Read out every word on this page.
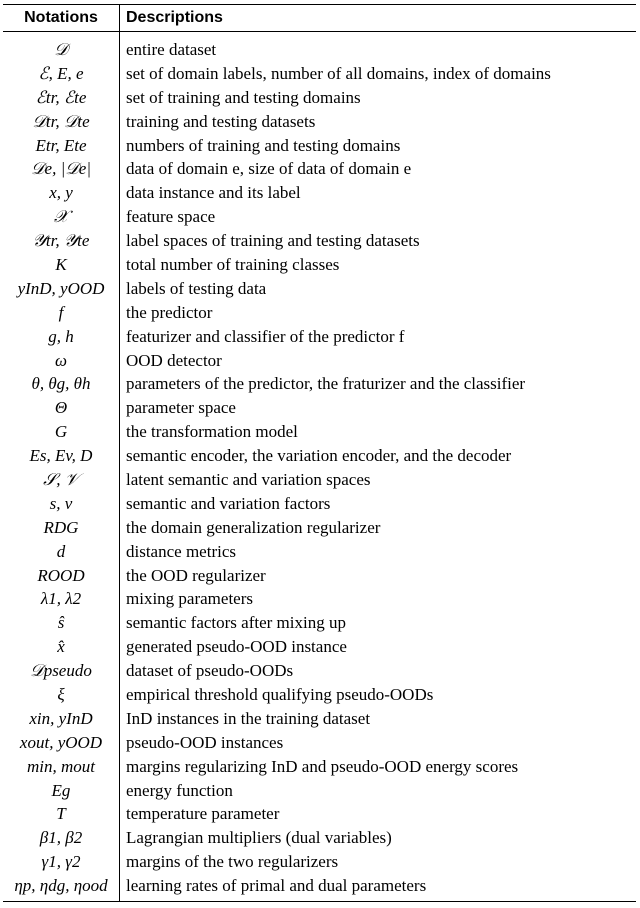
Notations	Descriptions
𝒟	entire dataset
ℰ, E, e	set of domain labels, number of all domains, index of domains
ℰtr, ℰte	set of training and testing domains
𝒟tr, 𝒟te	training and testing datasets
Etr, Ete	numbers of training and testing domains
𝒟e, |𝒟e|	data of domain e, size of data of domain e
x, y	data instance and its label
𝒳	feature space
𝒴tr, 𝒴te	label spaces of training and testing datasets
K	total number of training classes
yInD, yOOD	labels of testing data
f	the predictor
g, h	featurizer and classifier of the predictor f
ω	OOD detector
θ, θg, θh	parameters of the predictor, the fraturizer and the classifier
Θ	parameter space
G	the transformation model
Es, Ev, D	semantic encoder, the variation encoder, and the decoder
𝒮, 𝒱	latent semantic and variation spaces
s, v	semantic and variation factors
RDG	the domain generalization regularizer
d	distance metrics
ROOD	the OOD regularizer
λ1, λ2	mixing parameters
ŝ	semantic factors after mixing up
x̂	generated pseudo-OOD instance
𝒟pseudo	dataset of pseudo-OODs
ξ	empirical threshold qualifying pseudo-OODs
xin, yInD	InD instances in the training dataset
xout, yOOD	pseudo-OOD instances
min, mout	margins regularizing InD and pseudo-OOD energy scores
Eg	energy function
T	temperature parameter
β1, β2	Lagrangian multipliers (dual variables)
γ1, γ2	margins of the two regularizers
ηp, ηdg, ηood	learning rates of primal and dual parameters
